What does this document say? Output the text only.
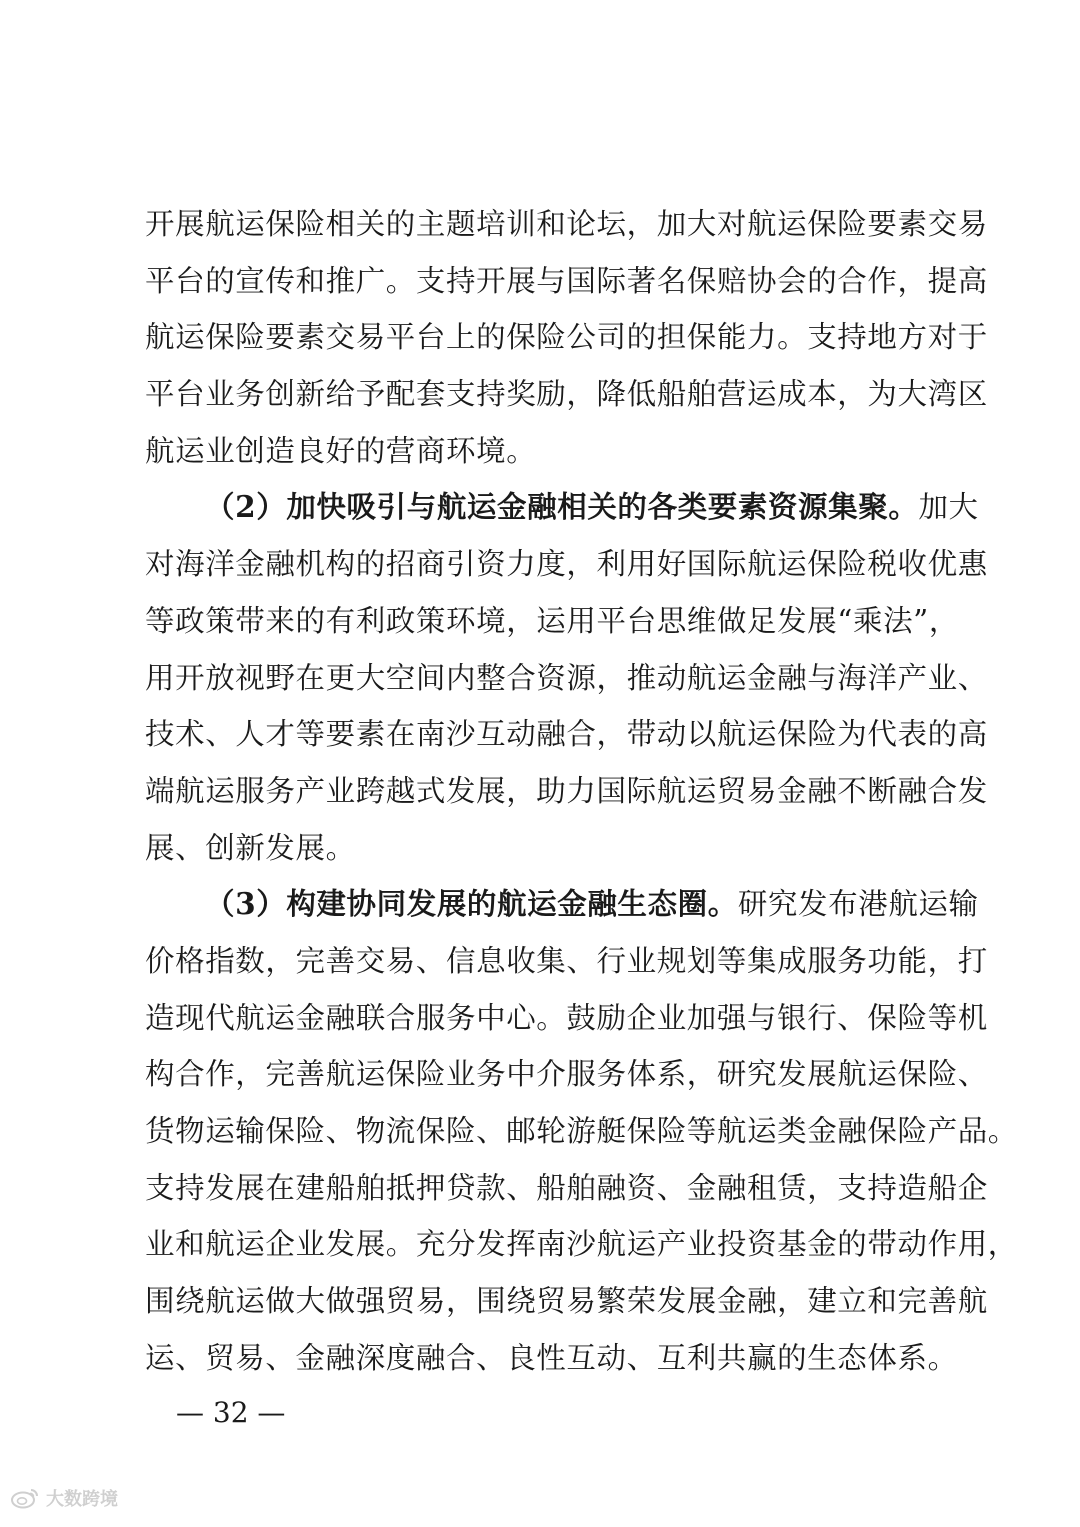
开展航运保险相关的主题培训和论坛，加大对航运保险要素交易
平台的宣传和推广。支持开展与国际著名保赔协会的合作，提高
航运保险要素交易平台上的保险公司的担保能力。支持地方对于
平台业务创新给予配套支持奖励，降低船舶营运成本，为大湾区
航运业创造良好的营商环境。
（2）加快吸引与航运金融相关的各类要素资源集聚。加大
对海洋金融机构的招商引资力度，利用好国际航运保险税收优惠
等政策带来的有利政策环境，运用平台思维做足发展“乘法”，
用开放视野在更大空间内整合资源，推动航运金融与海洋产业、
技术、人才等要素在南沙互动融合，带动以航运保险为代表的高
端航运服务产业跨越式发展，助力国际航运贸易金融不断融合发
展、创新发展。
（3）构建协同发展的航运金融生态圈。研究发布港航运输
价格指数，完善交易、信息收集、行业规划等集成服务功能，打
造现代航运金融联合服务中心。鼓励企业加强与银行、保险等机
构合作，完善航运保险业务中介服务体系，研究发展航运保险、
货物运输保险、物流保险、邮轮游艇保险等航运类金融保险产品。
支持发展在建船舶抵押贷款、船舶融资、金融租赁，支持造船企
业和航运企业发展。充分发挥南沙航运产业投资基金的带动作用，
围绕航运做大做强贸易，围绕贸易繁荣发展金融，建立和完善航
运、贸易、金融深度融合、良性互动、互利共赢的生态体系。
— 32 —
大数跨境
